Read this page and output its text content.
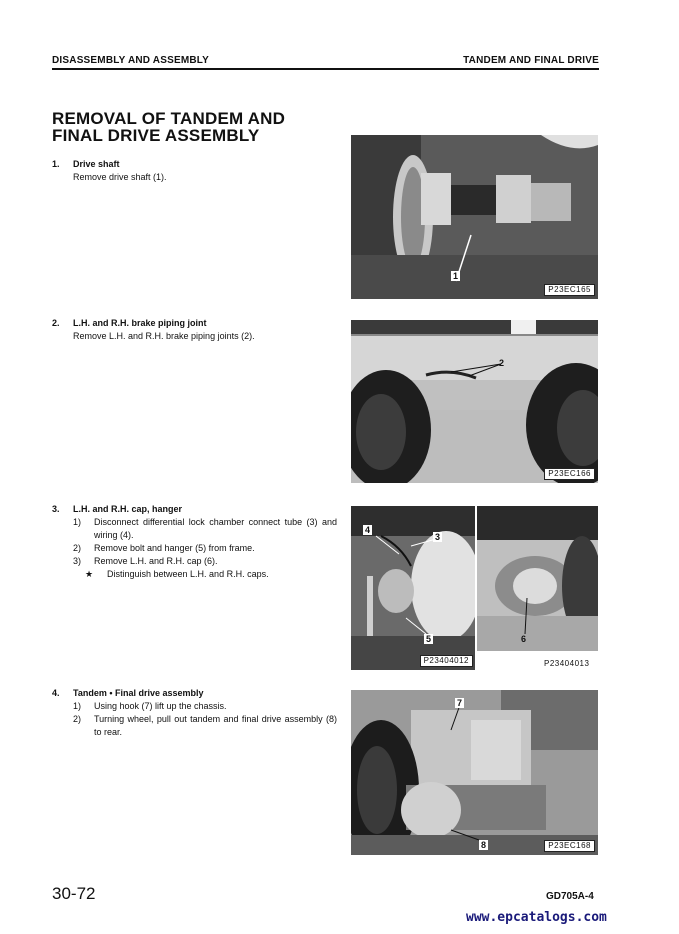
DISASSEMBLY AND ASSEMBLY	TANDEM AND FINAL DRIVE
REMOVAL OF TANDEM AND
FINAL DRIVE ASSEMBLY
1. Drive shaft
Remove drive shaft (1).
2. L.H. and R.H. brake piping joint
Remove L.H. and R.H. brake piping joints (2).
3. L.H. and R.H. cap, hanger
1) Disconnect differential lock chamber connect tube (3) and wiring (4).
2) Remove bolt and hanger (5) from frame.
3) Remove L.H. and R.H. cap (6).
★ Distinguish between L.H. and R.H. caps.
4. Tandem • Final drive assembly
1) Using hook (7) lift up the chassis.
2) Turning wheel, pull out tandem and final drive assembly (8) to rear.
1
P23EC165
2
P23EC166
4
3
5
P23404012
6
P23404013
7
8	P23EC168
30-72	GD705A-4
www.epcatalogs.com
